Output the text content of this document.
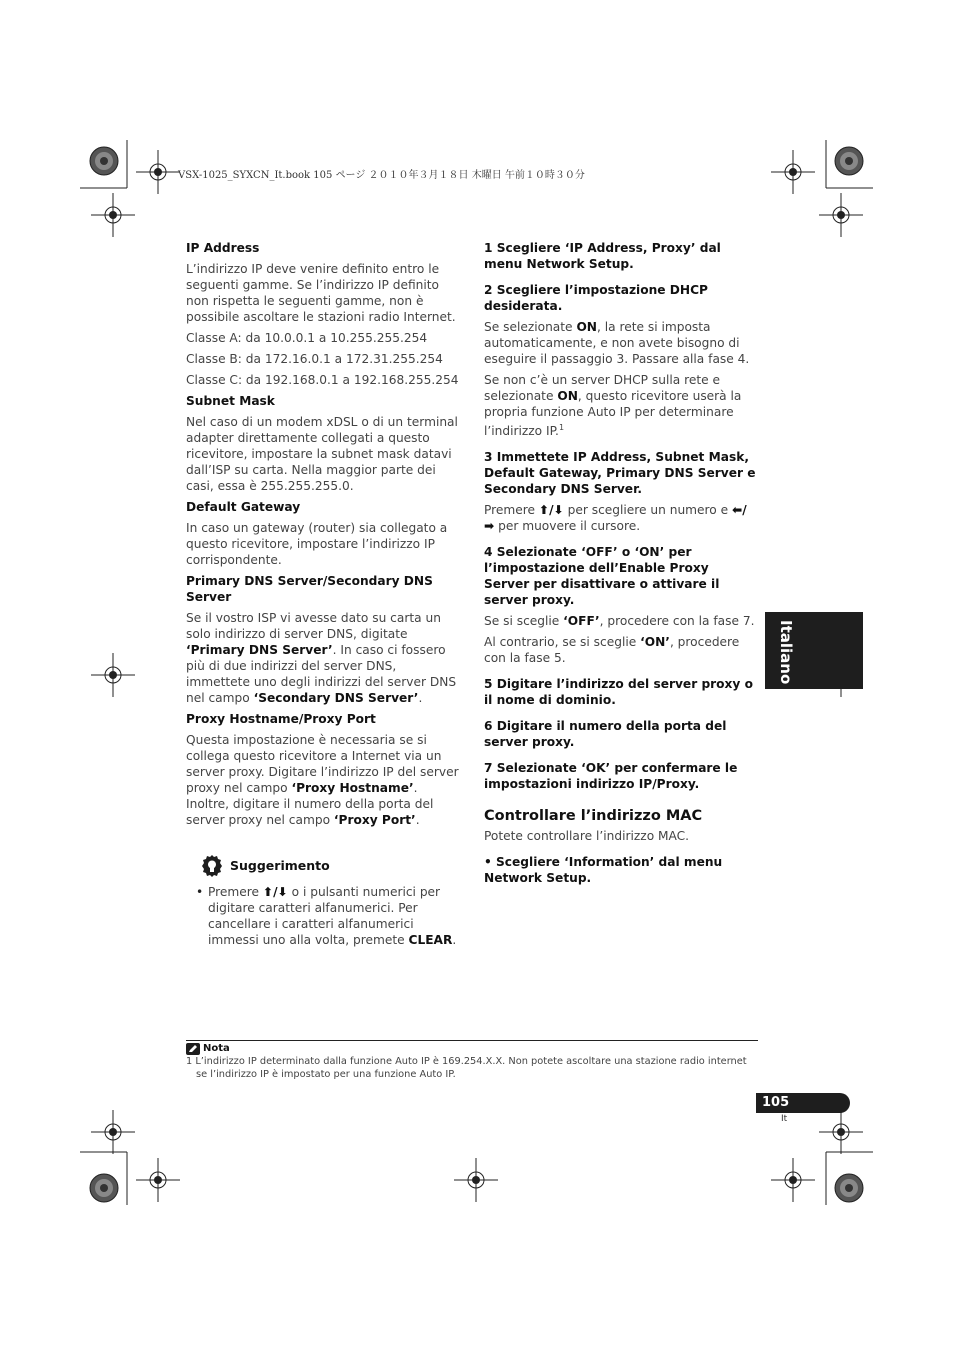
VSX-1025_SYXCN_It.book 105 ページ ２０１０年３月１８日 木曜日 午前１０時３０分
IP Address

L’indirizzo IP deve venire definito entro le seguenti gamme. Se l’indirizzo IP definito non rispetta le seguenti gamme, non è possibile ascoltare le stazioni radio Internet.

Classe A: da 10.0.0.1 a 10.255.255.254

Classe B: da 172.16.0.1 a 172.31.255.254

Classe C: da 192.168.0.1 a 192.168.255.254

Subnet Mask

Nel caso di un modem xDSL o di un terminal adapter direttamente collegati a questo ricevitore, impostare la subnet mask datavi dall’ISP su carta. Nella maggior parte dei casi, essa è 255.255.255.0.

Default Gateway

In caso un gateway (router) sia collegato a questo ricevitore, impostare l’indirizzo IP corrispondente.

Primary DNS Server/Secondary DNS Server

Se il vostro ISP vi avesse dato su carta un solo indirizzo di server DNS, digitate ‘Primary DNS Server’. In caso ci fossero più di due indirizzi del server DNS, immettete uno degli indirizzi del server DNS nel campo ‘Secondary DNS Server’.

Proxy Hostname/Proxy Port

Questa impostazione è necessaria se si collega questo ricevitore a Internet via un server proxy. Digitare l’indirizzo IP del server proxy nel campo ‘Proxy Hostname’. Inoltre, digitare il numero della porta del server proxy nel campo ‘Proxy Port’.

Suggerimento

• Premere ⬆/⬇ o i pulsanti numerici per digitare caratteri alfanumerici. Per cancellare i caratteri alfanumerici immessi uno alla volta, premete CLEAR.

1 Scegliere ‘IP Address, Proxy’ dal menu Network Setup.

2 Scegliere l’impostazione DHCP desiderata.

Se selezionate ON, la rete si imposta automaticamente, e non avete bisogno di eseguire il passaggio 3. Passare alla fase 4.

Se non c’è un server DHCP sulla rete e selezionate ON, questo ricevitore userà la propria funzione Auto IP per determinare l’indirizzo IP.$^1$

3 Immettete IP Address, Subnet Mask, Default Gateway, Primary DNS Server e Secondary DNS Server.

Premere ⬆/⬇ per scegliere un numero e ⬅/➡ per muovere il cursore.

4 Selezionate ‘OFF’ o ‘ON’ per l’impostazione dell’Enable Proxy Server per disattivare o attivare il server proxy.

Se si sceglie ‘OFF’, procedere con la fase 7.

Al contrario, se si sceglie ‘ON’, procedere con la fase 5.

5 Digitare l’indirizzo del server proxy o il nome di dominio.

6 Digitare il numero della porta del server proxy.

7 Selezionate ‘OK’ per confermare le impostazioni indirizzo IP/Proxy.

Controllare l’indirizzo MAC

Potete controllare l’indirizzo MAC.

• Scegliere ‘Information’ dal menu Network Setup.

Italiano
Nota
1 L’indirizzo IP determinato dalla funzione Auto IP è 169.254.X.X. Non potete ascoltare una stazione radio internet se l’indirizzo IP è impostato per una funzione Auto IP.
105
It
